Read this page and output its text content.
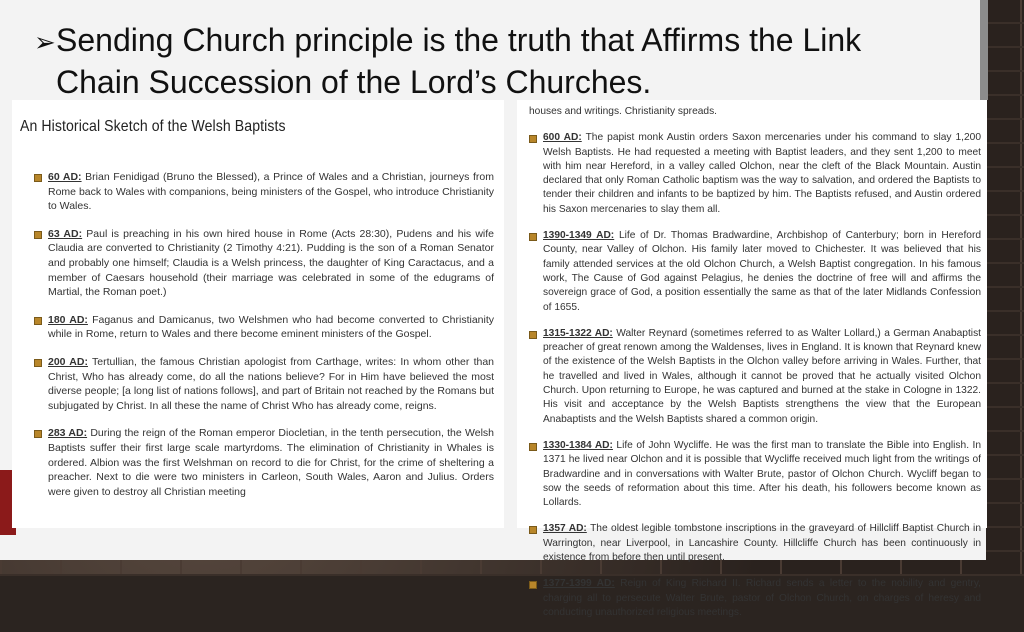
➢Sending Church principle is the truth that Affirms the Link
Chain Succession of the Lord’s Churches.
An Historical Sketch of the Welsh Baptists
60 AD: Brian Fenidigad (Bruno the Blessed), a Prince of Wales and a Christian, journeys from Rome back to Wales with companions, being ministers of the Gospel, who introduce Christianity to Wales.
63 AD: Paul is preaching in his own hired house in Rome (Acts 28:30), Pudens and his wife Claudia are converted to Christianity (2 Timothy 4:21). Pudding is the son of a Roman Senator and probably one himself; Claudia is a Welsh princess, the daughter of King Caractacus, and a member of Caesars household (their marriage was celebrated in some of the edugrams of Martial, the Roman poet.)
180 AD: Faganus and Damicanus, two Welshmen who had become converted to Christianity while in Rome, return to Wales and there become eminent ministers of the Gospel.
200 AD: Tertullian, the famous Christian apologist from Carthage, writes: In whom other than Christ, Who has already come, do all the nations believe? For in Him have believed the most diverse people; [a long list of nations follows], and part of Britain not reached by the Romans but subjugated by Christ. In all these the name of Christ Who has already come, reigns.
283 AD: During the reign of the Roman emperor Diocletian, in the tenth persecution, the Welsh Baptists suffer their first large scale martyrdoms. The elimination of Christianity in Whales is ordered. Albion was the first Welshman on record to die for Christ, for the crime of sheltering a preacher. Next to die were two ministers in Carleon, South Wales, Aaron and Julius. Orders were given to destroy all Christian meeting
houses and writings. Christianity spreads.
600 AD: The papist monk Austin orders Saxon mercenaries under his command to slay 1,200 Welsh Baptists. He had requested a meeting with Baptist leaders, and they sent 1,200 to meet with him near Hereford, in a valley called Olchon, near the cleft of the Black Mountain. Austin declared that only Roman Catholic baptism was the way to salvation, and ordered the Baptists to tender their children and infants to be baptized by him. The Baptists refused, and Austin ordered his Saxon mercenaries to slay them all.
1390-1349 AD: Life of Dr. Thomas Bradwardine, Archbishop of Canterbury; born in Hereford County, near Valley of Olchon. His family later moved to Chichester. It was believed that his family attended services at the old Olchon Church, a Welsh Baptist congregation. In his famous work, The Cause of God against Pelagius, he denies the doctrine of free will and affirms the sovereign grace of God, a position essentially the same as that of the later Midlands Confession of 1655.
1315-1322 AD: Walter Reynard (sometimes referred to as Walter Lollard,) a German Anabaptist preacher of great renown among the Waldenses, lives in England. It is known that Reynard knew of the existence of the Welsh Baptists in the Olchon valley before arriving in Wales. Further, that he travelled and lived in Wales, although it cannot be proved that he actually visited Olchon Church. Upon returning to Europe, he was captured and burned at the stake in Cologne in 1322. His visit and acceptance by the Welsh Baptists strengthens the view that the European Anabaptists and the Welsh Baptists shared a common origin.
1330-1384 AD: Life of John Wycliffe. He was the first man to translate the Bible into English. In 1371 he lived near Olchon and it is possible that Wycliffe received much light from the writings of Bradwardine and in conversations with Walter Brute, pastor of Olchon Church. Wycliff began to sow the seeds of reformation about this time. After his death, his followers become known as Lollards.
1357 AD: The oldest legible tombstone inscriptions in the graveyard of Hillcliff Baptist Church in Warrington, near Liverpool, in Lancashire County. Hillcliffe Church has been continuously in existence from before then until present.
1377-1399 AD: Reign of King Richard II. Richard sends a letter to the nobility and gentry, charging all to persecute Walter Brute, pastor of Olchon Church, on charges of heresy and conducting unauthorized religious meetings.
